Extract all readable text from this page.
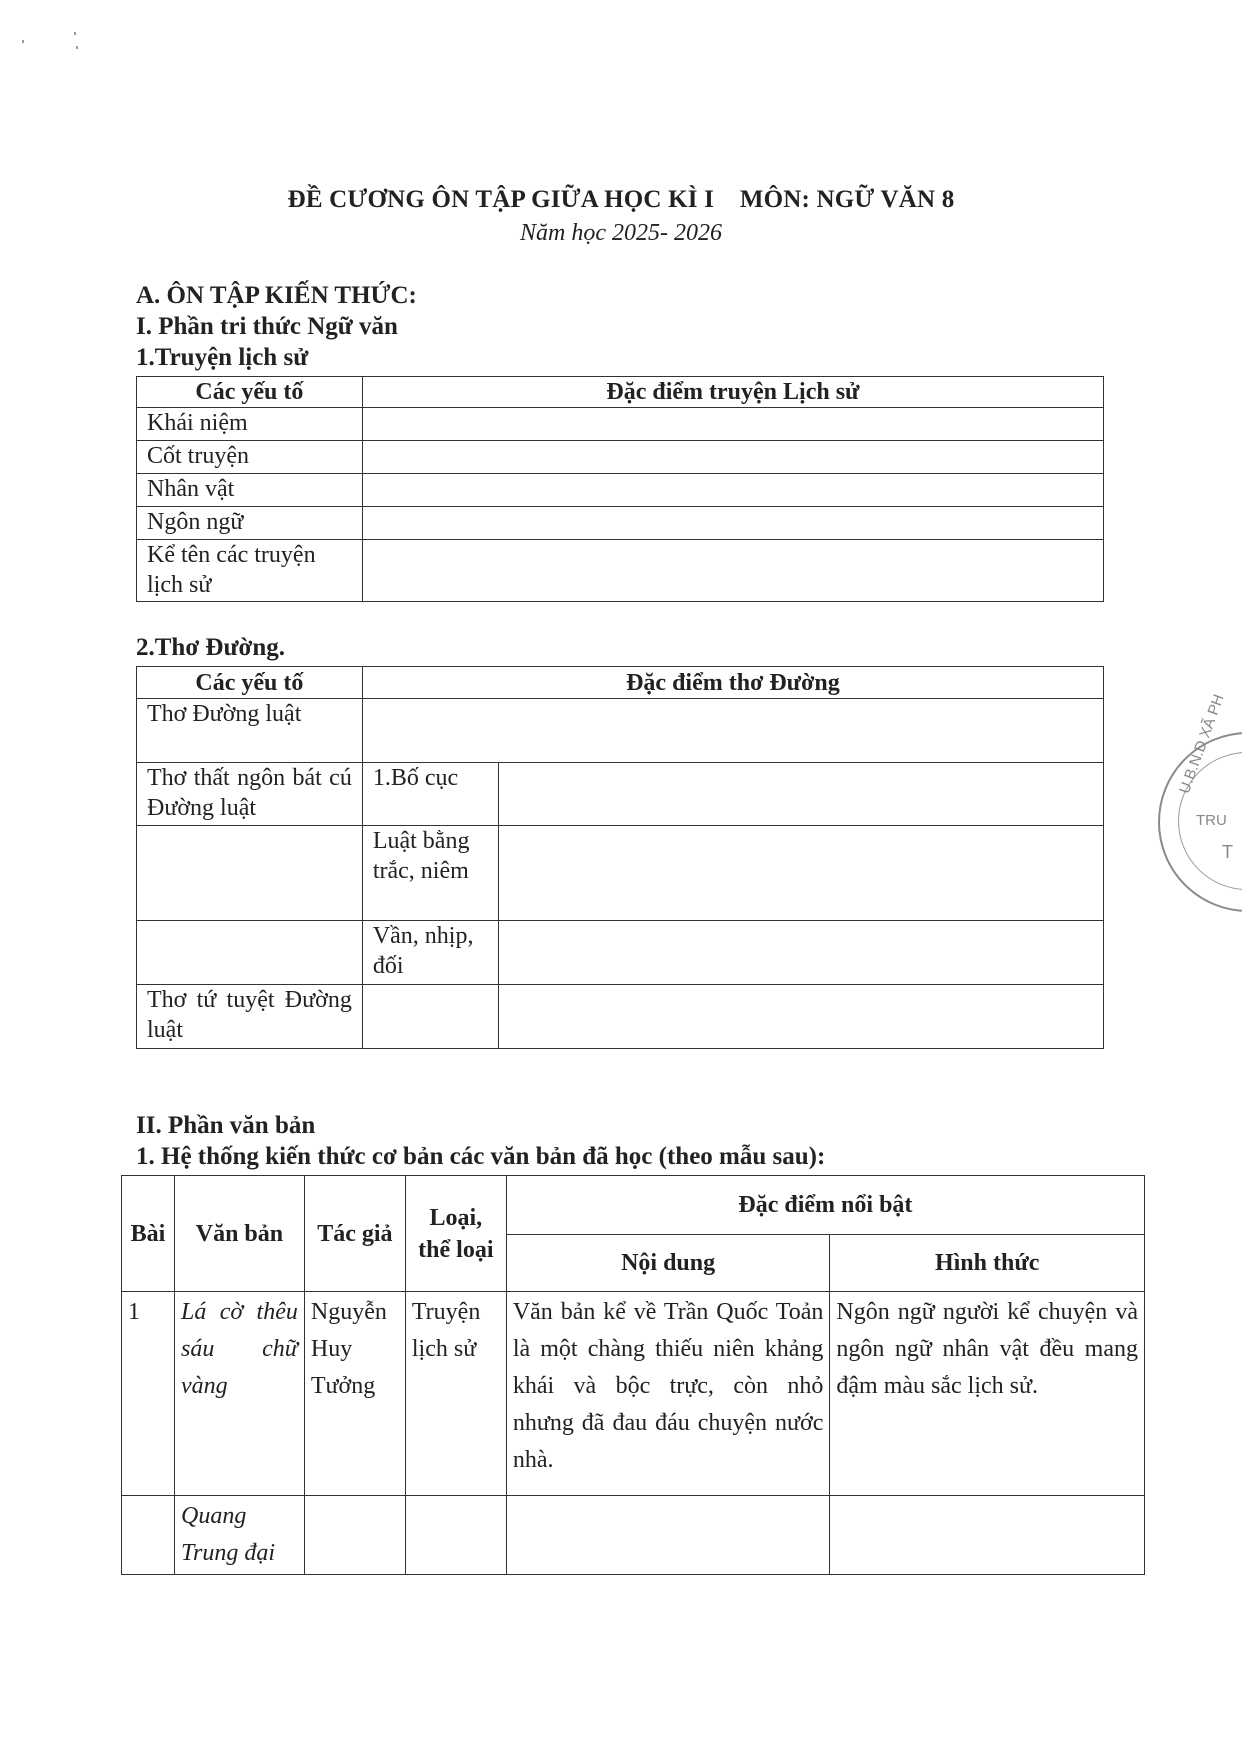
ĐỀ CƯƠNG ÔN TẬP GIỮA HỌC KÌ I    MÔN: NGỮ VĂN 8
Năm học 2025- 2026
A. ÔN TẬP KIẾN THỨC:
I. Phần tri thức Ngữ văn
1.Truyện lịch sử
Các yếu tố	Đặc điểm truyện Lịch sử
Khái niệm	
Cốt truyện	
Nhân vật	
Ngôn ngữ	
Kể tên các truyện lịch sử	
2.Thơ Đường.
Các yếu tố	Đặc điểm thơ Đường	
Thơ Đường luật		
Thơ thất ngôn bát cú Đường luật	1.Bố cục	
	Luật bằng trắc, niêm	
	Vần, nhịp, đối	
Thơ tứ tuyệt Đường luật		
II. Phần văn bản
1. Hệ thống kiến thức cơ bản các văn bản đã học (theo mẫu sau):
Bài	Văn bản	Tác giả	Loại, thể loại	Đặc điểm nổi bật	
				Nội dung	Hình thức
1	Lá cờ thêu sáu chữ vàng	Nguyễn Huy Tưởng	Truyện lịch sử	Văn bản kể về Trần Quốc Toản là một chàng thiếu niên khảng khái và bộc trực, còn nhỏ nhưng đã đau đáu chuyện nước nhà.	Ngôn ngữ người kể chuyện và ngôn ngữ nhân vật đều mang đậm màu sắc lịch sử.
	Quang Trung đại				
U.B.N.D XÃ PH
TRU
T
